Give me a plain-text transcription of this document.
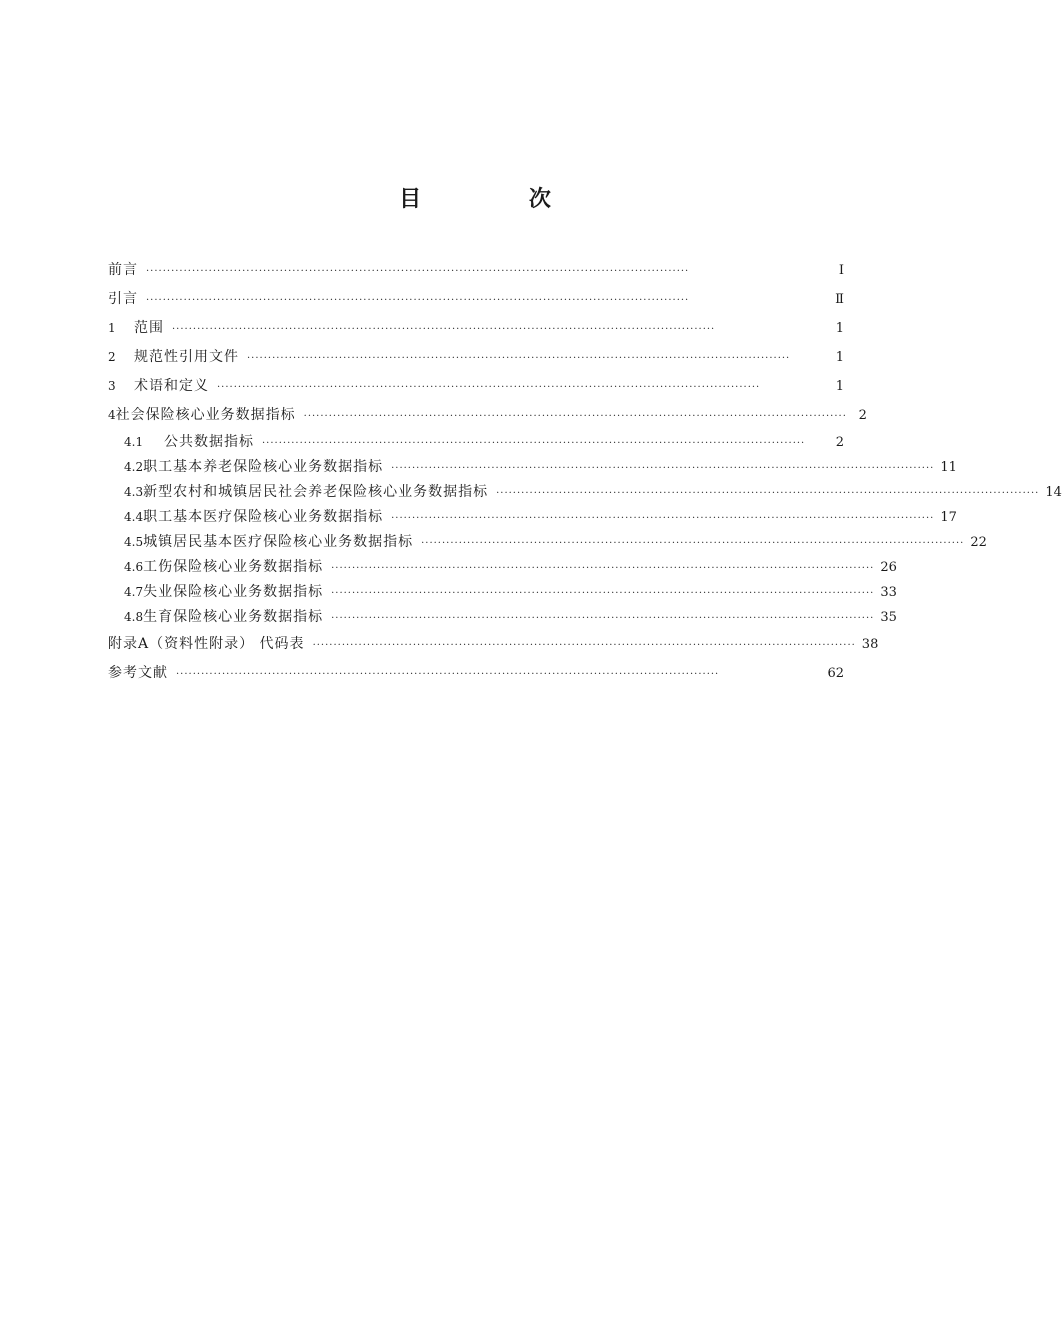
目 次
前言 ··································································································································	Ⅰ
引言 ··································································································································	Ⅱ
1	范围 ··································································································································	1
2	规范性引用文件 ··································································································································	1
3	术语和定义 ··································································································································	1
4 社会保险核心业务数据指标 ·································································································································· 2
4.1	公共数据指标 ··································································································································	2
4.2 职工基本养老保险核心业务数据指标 ·································································································································· 11
4.3 新型农村和城镇居民社会养老保险核心业务数据指标 ·································································································································· 14
4.4 职工基本医疗保险核心业务数据指标 ·································································································································· 17
4.5 城镇居民基本医疗保险核心业务数据指标 ·································································································································· 22
4.6 工伤保险核心业务数据指标 ·································································································································· 26
4.7 失业保险核心业务数据指标 ·································································································································· 33
4.8 生育保险核心业务数据指标 ·································································································································· 35
附录A（资料性附录） 代码表 ·································································································································· 38
参考文献 ··································································································································	62
